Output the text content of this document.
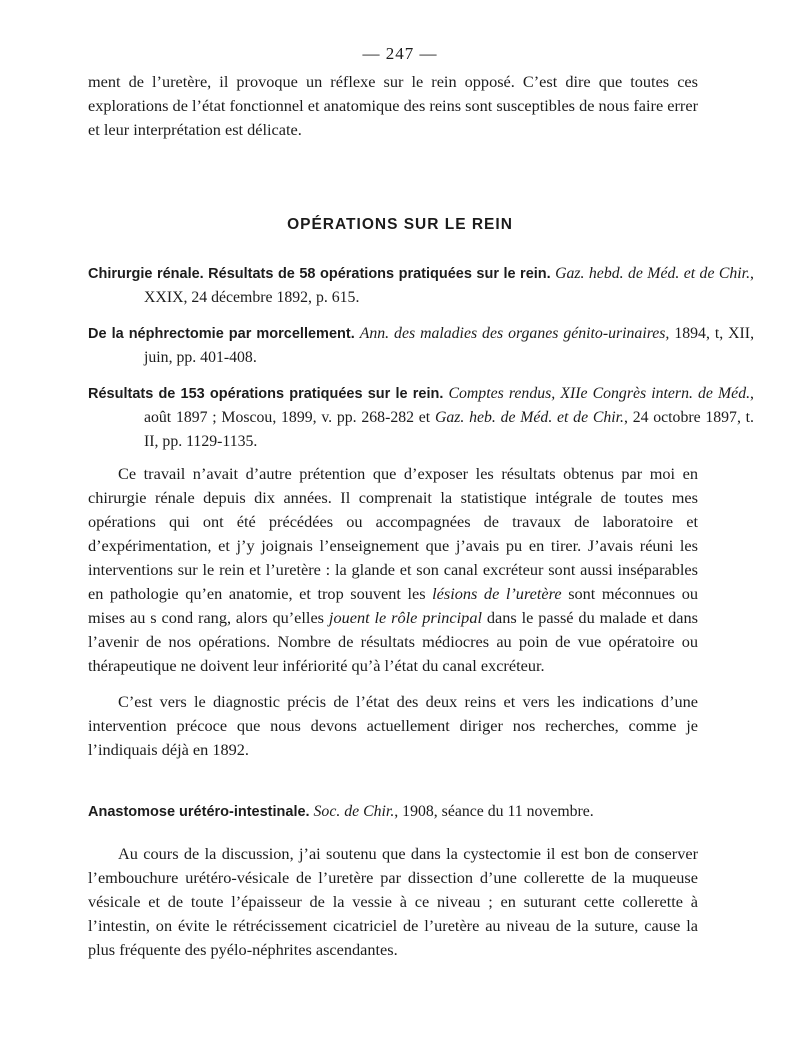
— 247 —

ment de l’uretère, il provoque un réflexe sur le rein opposé. C’est dire que toutes ces explorations de l’état fonctionnel et anatomique des reins sont susceptibles de nous faire errer et leur interprétation est délicate.

OPÉRATIONS SUR LE REIN

Chirurgie rénale. Résultats de 58 opérations pratiquées sur le rein. Gaz. hebd. de Méd. et de Chir., XXIX, 24 décembre 1892, p. 615.

De la néphrectomie par morcellement. Ann. des maladies des organes génito-urinaires, 1894, t, XII, juin, pp. 401-408.

Résultats de 153 opérations pratiquées sur le rein. Comptes rendus, XIIe Congrès intern. de Méd., août 1897 ; Moscou, 1899, v. pp. 268-282 et Gaz. heb. de Méd. et de Chir., 24 octobre 1897, t. II, pp. 1129-1135.

Ce travail n’avait d’autre prétention que d’exposer les résultats obtenus par moi en chirurgie rénale depuis dix années. Il comprenait la statistique intégrale de toutes mes opérations qui ont été précédées ou accompagnées de travaux de laboratoire et d’expérimentation, et j’y joignais l’enseignement que j’avais pu en tirer. J’avais réuni les interventions sur le rein et l’uretère : la glande et son canal excréteur sont aussi inséparables en pathologie qu’en anatomie, et trop souvent les lésions de l’uretère sont méconnues ou mises au s cond rang, alors qu’elles jouent le rôle principal dans le passé du malade et dans l’avenir de nos opérations. Nombre de résultats médiocres au poin de vue opératoire ou thérapeutique ne doivent leur infériorité qu’à l’état du canal excréteur.

C’est vers le diagnostic précis de l’état des deux reins et vers les indications d’une intervention précoce que nous devons actuellement diriger nos recherches, comme je l’indiquais déjà en 1892.

Anastomose urétéro-intestinale. Soc. de Chir., 1908, séance du 11 novembre.

Au cours de la discussion, j’ai soutenu que dans la cystectomie il est bon de conserver l’embouchure urétéro-vésicale de l’uretère par dissection d’une collerette de la muqueuse vésicale et de toute l’épaisseur de la vessie à ce niveau ; en suturant cette collerette à l’intestin, on évite le rétrécissement cicatriciel de l’uretère au niveau de la suture, cause la plus fréquente des pyélo-néphrites ascendantes.
